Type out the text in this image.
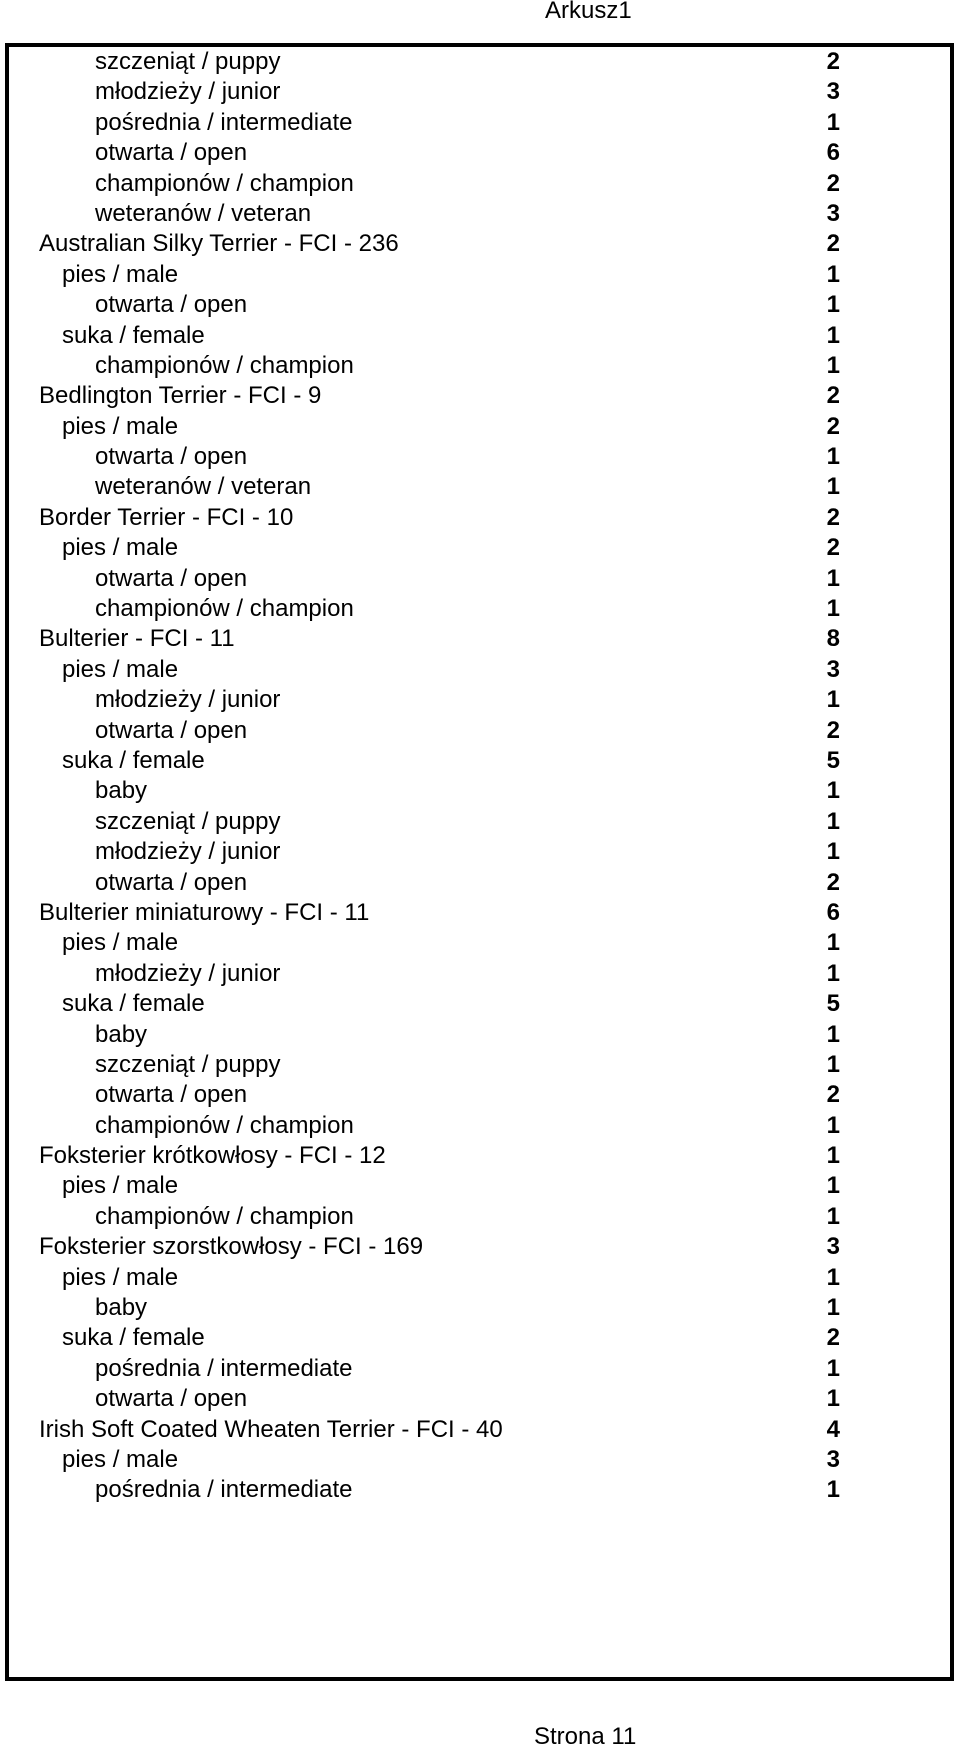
Arkusz1
szczeniąt / puppy	2
młodzieży / junior	3
pośrednia / intermediate	1
otwarta / open	6
championów / champion	2
weteranów / veteran	3
Australian Silky Terrier - FCI - 236	2
pies / male	1
otwarta / open	1
suka / female	1
championów / champion	1
Bedlington Terrier - FCI - 9	2
pies / male	2
otwarta / open	1
weteranów / veteran	1
Border Terrier - FCI - 10	2
pies / male	2
otwarta / open	1
championów / champion	1
Bulterier - FCI - 11	8
pies / male	3
młodzieży / junior	1
otwarta / open	2
suka / female	5
baby	1
szczeniąt / puppy	1
młodzieży / junior	1
otwarta / open	2
Bulterier miniaturowy - FCI - 11	6
pies / male	1
młodzieży / junior	1
suka / female	5
baby	1
szczeniąt / puppy	1
otwarta / open	2
championów / champion	1
Foksterier krótkowłosy - FCI - 12	1
pies / male	1
championów / champion	1
Foksterier szorstkowłosy - FCI - 169	3
pies / male	1
baby	1
suka / female	2
pośrednia / intermediate	1
otwarta / open	1
Irish Soft Coated Wheaten Terrier - FCI - 40	4
pies / male	3
pośrednia / intermediate	1
Strona 11
